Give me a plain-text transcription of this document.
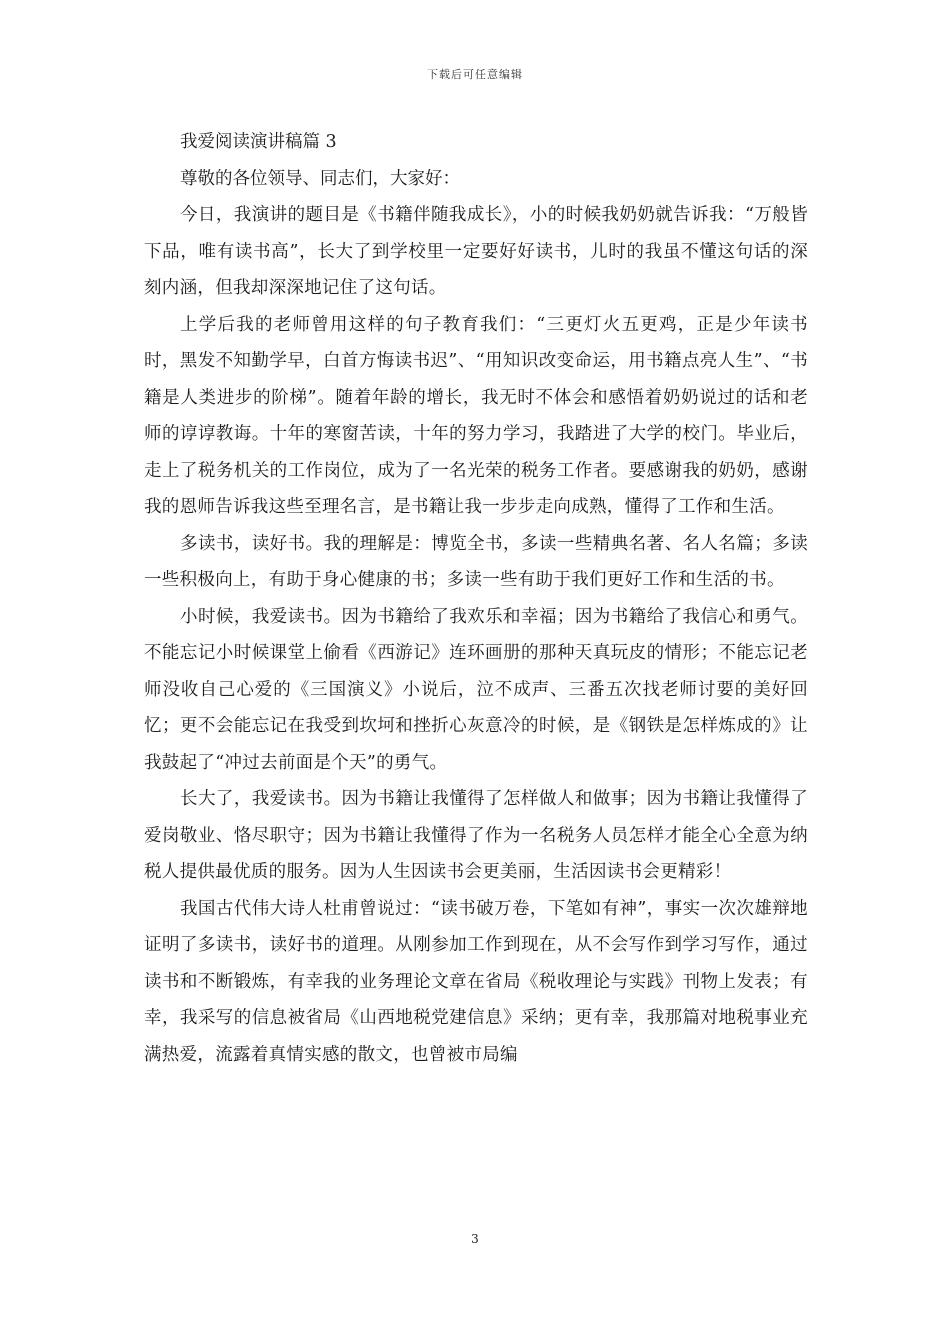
下载后可任意编辑

我爱阅读演讲稿篇 3

尊敬的各位领导、同志们，大家好：

今日，我演讲的题目是《书籍伴随我成长》，小的时候我奶奶就告诉我：“万般皆下品，唯有读书高”，长大了到学校里一定要好好读书，儿时的我虽不懂这句话的深刻内涵，但我却深深地记住了这句话。

上学后我的老师曾用这样的句子教育我们：“三更灯火五更鸡，正是少年读书时，黑发不知勤学早，白首方悔读书迟”、“用知识改变命运，用书籍点亮人生”、“书籍是人类进步的阶梯”。随着年龄的增长，我无时不体会和感悟着奶奶说过的话和老师的谆谆教诲。十年的寒窗苦读，十年的努力学习，我踏进了大学的校门。毕业后，走上了税务机关的工作岗位，成为了一名光荣的税务工作者。要感谢我的奶奶，感谢我的恩师告诉我这些至理名言，是书籍让我一步步走向成熟，懂得了工作和生活。

多读书，读好书。我的理解是：博览全书，多读一些精典名著、名人名篇；多读一些积极向上，有助于身心健康的书；多读一些有助于我们更好工作和生活的书。

小时候，我爱读书。因为书籍给了我欢乐和幸福；因为书籍给了我信心和勇气。不能忘记小时候课堂上偷看《西游记》连环画册的那种天真玩皮的情形；不能忘记老师没收自己心爱的《三国演义》小说后，泣不成声、三番五次找老师讨要的美好回忆；更不会能忘记在我受到坎坷和挫折心灰意冷的时候，是《钢铁是怎样炼成的》让我鼓起了“冲过去前面是个天”的勇气。

长大了，我爱读书。因为书籍让我懂得了怎样做人和做事；因为书籍让我懂得了爱岗敬业、恪尽职守；因为书籍让我懂得了作为一名税务人员怎样才能全心全意为纳税人提供最优质的服务。因为人生因读书会更美丽，生活因读书会更精彩！

我国古代伟大诗人杜甫曾说过：“读书破万卷，下笔如有神”，事实一次次雄辩地证明了多读书，读好书的道理。从刚参加工作到现在，从不会写作到学习写作，通过读书和不断锻炼，有幸我的业务理论文章在省局《税收理论与实践》刊物上发表；有幸，我采写的信息被省局《山西地税党建信息》采纳；更有幸，我那篇对地税事业充满热爱，流露着真情实感的散文，也曾被市局编

3
